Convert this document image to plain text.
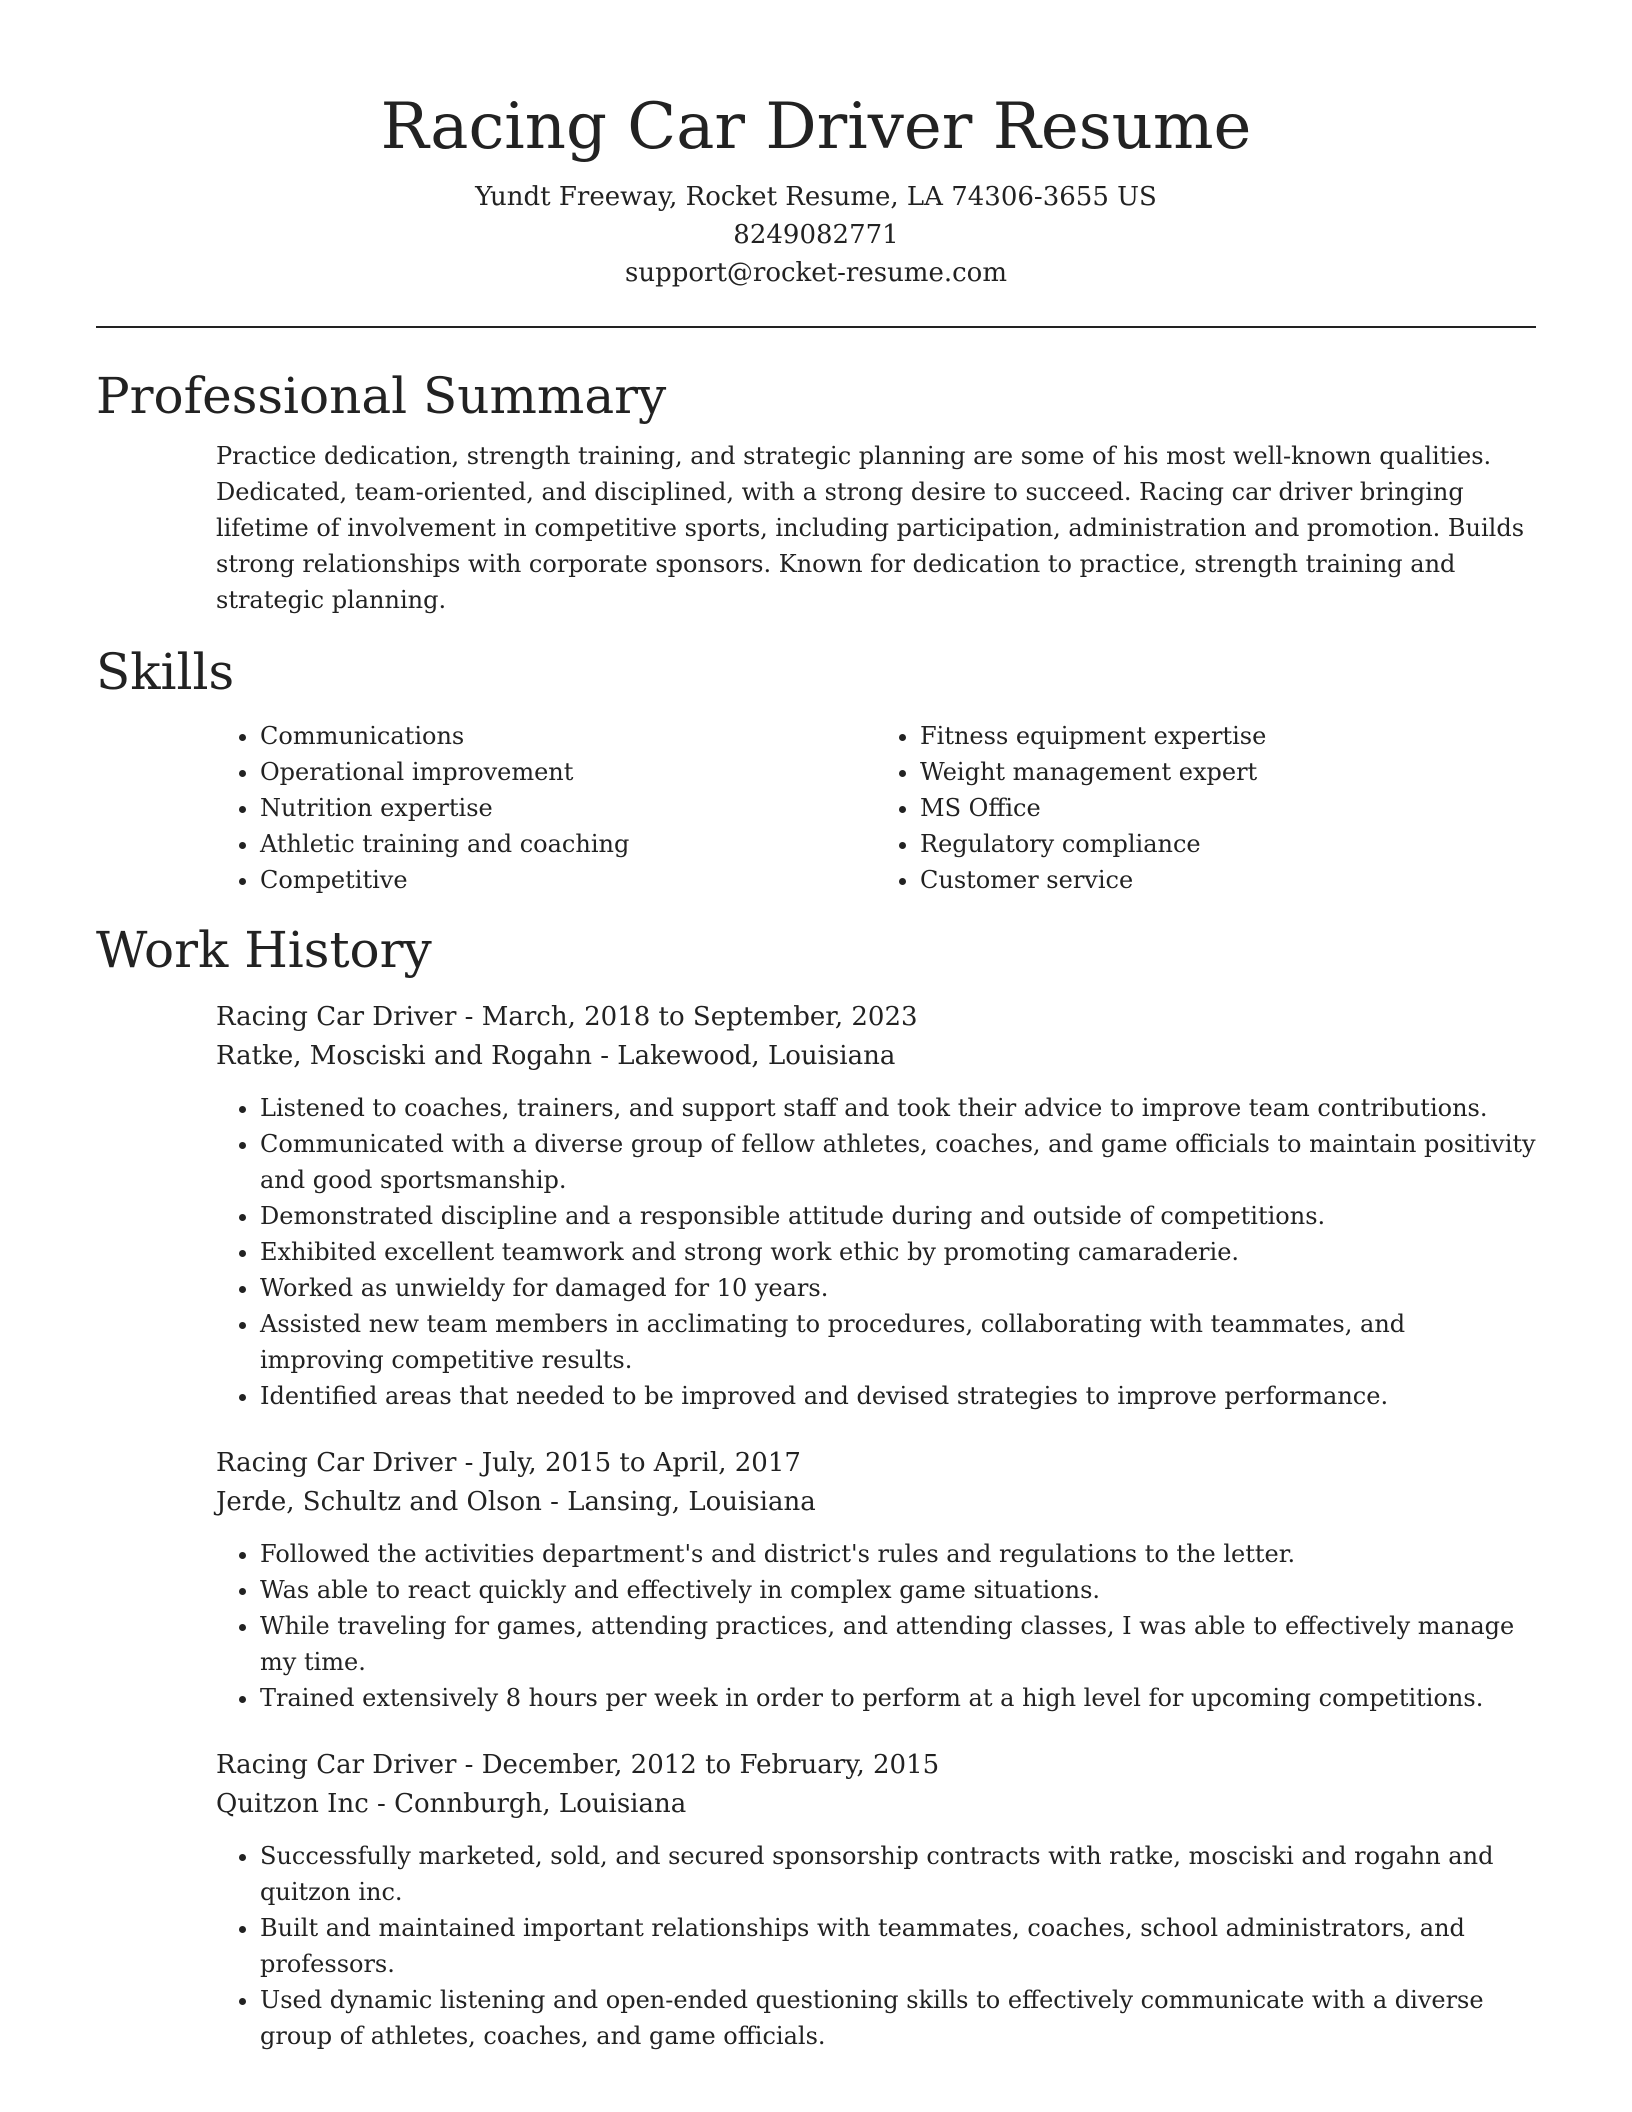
Racing Car Driver Resume
Yundt Freeway, Rocket Resume, LA 74306-3655 US
8249082771
support@rocket-resume.com
Professional Summary

Practice dedication, strength training, and strategic planning are some of his most well-known qualities. Dedicated, team-oriented, and disciplined, with a strong desire to succeed. Racing car driver bringing lifetime of involvement in competitive sports, including participation, administration and promotion. Builds strong relationships with corporate sponsors. Known for dedication to practice, strength training and strategic planning.

Skills
• Communications
• Operational improvement
• Nutrition expertise
• Athletic training and coaching
• Competitive
• Fitness equipment expertise
• Weight management expert
• MS Office
• Regulatory compliance
• Customer service
Work History
Racing Car Driver - March, 2018 to September, 2023
Ratke, Mosciski and Rogahn - Lakewood, Louisiana
• Listened to coaches, trainers, and support staff and took their advice to improve team contributions.
• Communicated with a diverse group of fellow athletes, coaches, and game officials to maintain positivity and good sportsmanship.
• Demonstrated discipline and a responsible attitude during and outside of competitions.
• Exhibited excellent teamwork and strong work ethic by promoting camaraderie.
• Worked as unwieldy for damaged for 10 years.
• Assisted new team members in acclimating to procedures, collaborating with teammates, and improving competitive results.
• Identified areas that needed to be improved and devised strategies to improve performance.
Racing Car Driver - July, 2015 to April, 2017
Jerde, Schultz and Olson - Lansing, Louisiana
• Followed the activities department's and district's rules and regulations to the letter.
• Was able to react quickly and effectively in complex game situations.
• While traveling for games, attending practices, and attending classes, I was able to effectively manage my time.
• Trained extensively 8 hours per week in order to perform at a high level for upcoming competitions.
Racing Car Driver - December, 2012 to February, 2015
Quitzon Inc - Connburgh, Louisiana
• Successfully marketed, sold, and secured sponsorship contracts with ratke, mosciski and rogahn and quitzon inc.
• Built and maintained important relationships with teammates, coaches, school administrators, and professors.
• Used dynamic listening and open-ended questioning skills to effectively communicate with a diverse group of athletes, coaches, and game officials.
